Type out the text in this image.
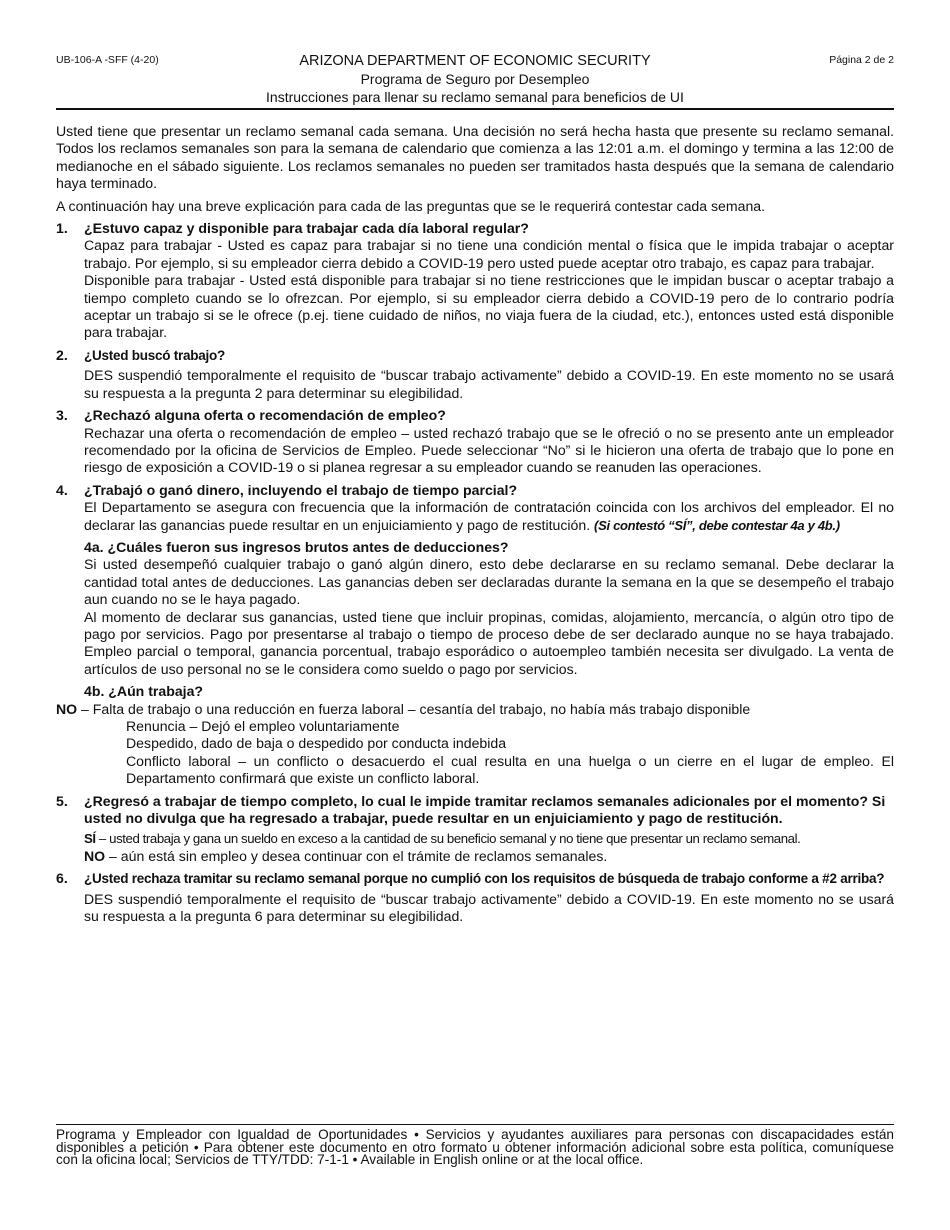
UB-106-A -SFF (4-20)	ARIZONA DEPARTMENT OF ECONOMIC SECURITY
Programa de Seguro por Desempleo
Instrucciones para llenar su reclamo semanal para beneficios de UI
Página 2 de 2

Usted tiene que presentar un reclamo semanal cada semana. Una decisión no será hecha hasta que presente su reclamo semanal. Todos los reclamos semanales son para la semana de calendario que comienza a las 12:01 a.m. el domingo y termina a las 12:00 de medianoche en el sábado siguiente. Los reclamos semanales no pueden ser tramitados hasta después que la semana de calendario haya terminado.

A continuación hay una breve explicación para cada de las preguntas que se le requerirá contestar cada semana.

1. ¿Estuvo capaz y disponible para trabajar cada día laboral regular?

Capaz para trabajar - Usted es capaz para trabajar si no tiene una condición mental o física que le impida trabajar o aceptar trabajo. Por ejemplo, si su empleador cierra debido a COVID-19 pero usted puede aceptar otro trabajo, es capaz para trabajar.

Disponible para trabajar - Usted está disponible para trabajar si no tiene restricciones que le impidan buscar o aceptar trabajo a tiempo completo cuando se lo ofrezcan. Por ejemplo, si su empleador cierra debido a COVID-19 pero de lo contrario podría aceptar un trabajo si se le ofrece (p.ej. tiene cuidado de niños, no viaja fuera de la ciudad, etc.), entonces usted está disponible para trabajar.

2. ¿Usted buscó trabajo?

DES suspendió temporalmente el requisito de “buscar trabajo activamente” debido a COVID-19. En este momento no se usará su respuesta a la pregunta 2 para determinar su elegibilidad.

3. ¿Rechazó alguna oferta o recomendación de empleo?

Rechazar una oferta o recomendación de empleo – usted rechazó trabajo que se le ofreció o no se presento ante un empleador recomendado por la oficina de Servicios de Empleo. Puede seleccionar “No” si le hicieron una oferta de trabajo que lo pone en riesgo de exposición a COVID-19 o si planea regresar a su empleador cuando se reanuden las operaciones.

4. ¿Trabajó o ganó dinero, incluyendo el trabajo de tiempo parcial?

El Departamento se asegura con frecuencia que la información de contratación coincida con los archivos del empleador. El no declarar las ganancias puede resultar en un enjuiciamiento y pago de restitución. (Si contestó “SÍ”, debe contestar 4a y 4b.)

4a. ¿Cuáles fueron sus ingresos brutos antes de deducciones?

Si usted desempeñó cualquier trabajo o ganó algún dinero, esto debe declararse en su reclamo semanal. Debe declarar la cantidad total antes de deducciones. Las ganancias deben ser declaradas durante la semana en la que se desempeño el trabajo aun cuando no se le haya pagado.

Al momento de declarar sus ganancias, usted tiene que incluir propinas, comidas, alojamiento, mercancía, o algún otro tipo de pago por servicios. Pago por presentarse al trabajo o tiempo de proceso debe de ser declarado aunque no se haya trabajado. Empleo parcial o temporal, ganancia porcentual, trabajo esporádico o autoempleo también necesita ser divulgado. La venta de artículos de uso personal no se le considera como sueldo o pago por servicios.

4b. ¿Aún trabaja?

NO – Falta de trabajo o una reducción en fuerza laboral – cesantía del trabajo, no había más trabajo disponible

Renuncia – Dejó el empleo voluntariamente

Despedido, dado de baja o despedido por conducta indebida

Conflicto laboral – un conflicto o desacuerdo el cual resulta en una huelga o un cierre en el lugar de empleo. El Departamento confirmará que existe un conflicto laboral.

5. ¿Regresó a trabajar de tiempo completo, lo cual le impide tramitar reclamos semanales adicionales por el momento? Si usted no divulga que ha regresado a trabajar, puede resultar en un enjuiciamiento y pago de restitución.

SÍ – usted trabaja y gana un sueldo en exceso a la cantidad de su beneficio semanal y no tiene que presentar un reclamo semanal.

NO – aún está sin empleo y desea continuar con el trámite de reclamos semanales.

6. ¿Usted rechaza tramitar su reclamo semanal porque no cumplió con los requisitos de búsqueda de trabajo conforme a #2 arriba?

DES suspendió temporalmente el requisito de “buscar trabajo activamente” debido a COVID-19. En este momento no se usará su respuesta a la pregunta 6 para determinar su elegibilidad.

Programa y Empleador con Igualdad de Oportunidades • Servicios y ayudantes auxiliares para personas con discapacidades están disponibles a petición • Para obtener este documento en otro formato u obtener información adicional sobre esta política, comuníquese con la oficina local; Servicios de TTY/TDD: 7-1-1 • Available in English online or at the local office.
